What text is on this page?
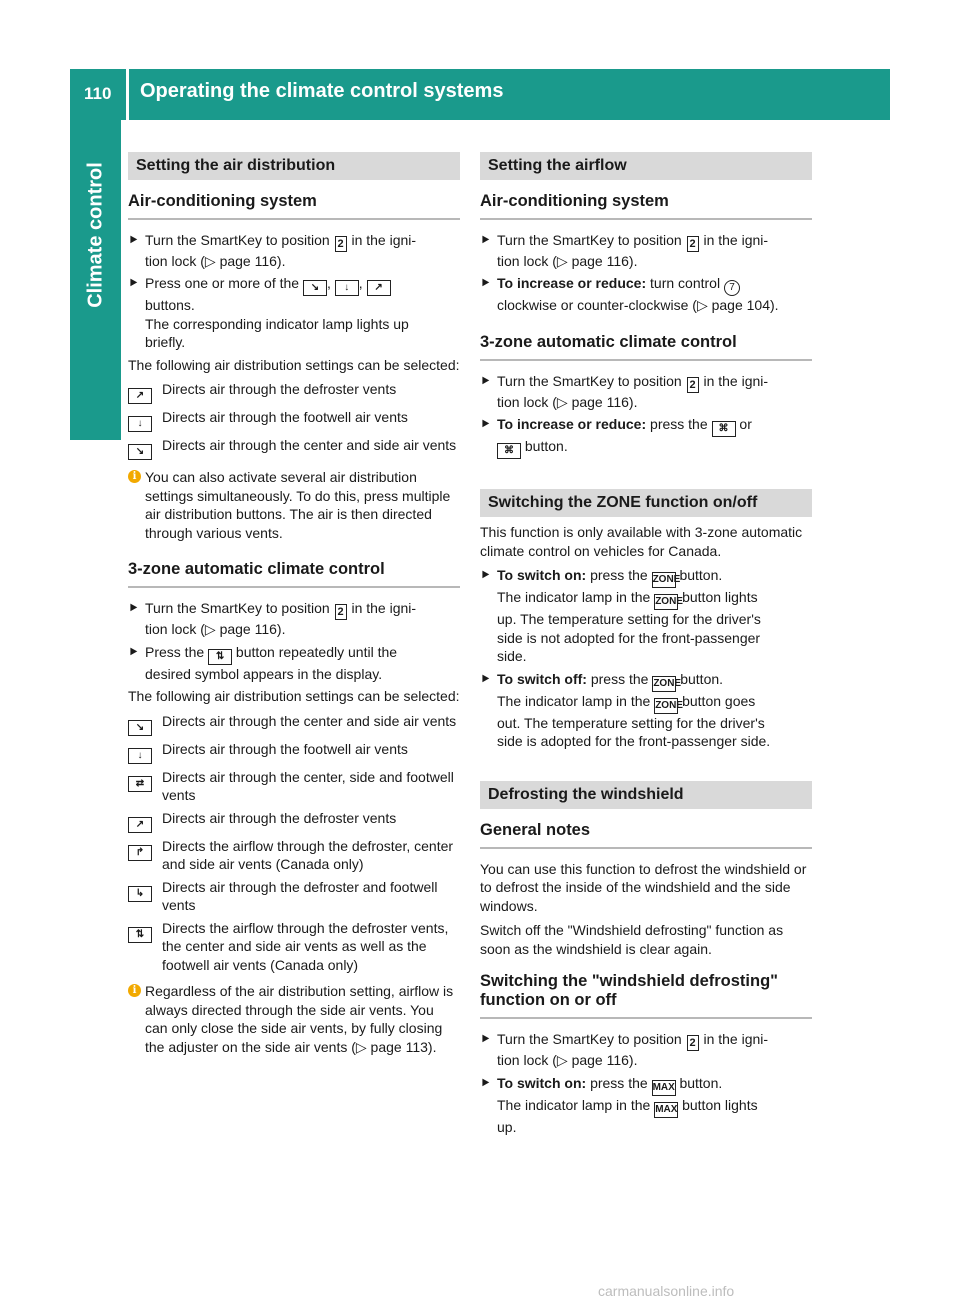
110 Operating the climate control systems
Climate control	Setting the air distribution
Air-conditioning system
▶ Turn the SmartKey to position 2 in the igni-
tion lock (▷ page 116).
▶ Press one or more of the ↘ , ↓ , ↗
buttons.
The corresponding indicator lamp lights up
briefly.
The following air distribution settings can be selected:
↗	Directs air through the defroster vents
↓	Directs air through the footwell air vents
↘	Directs air through the center and side air vents
i You can also activate several air distribution settings simultaneously. To do this, press multiple air distribution buttons. The air is then directed through various vents.
3-zone automatic climate control
▶ Turn the SmartKey to position 2 in the igni-
tion lock (▷ page 116).
▶ Press the ⇅ button repeatedly until the
desired symbol appears in the display.
The following air distribution settings can be selected:
↘	Directs air through the center and side air vents
↓	Directs air through the footwell air vents
⇄	Directs air through the center, side and footwell vents
↗	Directs air through the defroster vents
↱	Directs the airflow through the defroster, center and side air vents (Canada only)
↳	Directs air through the defroster and footwell vents
⇅	Directs the airflow through the defroster vents, the center and side air vents as well as the footwell air vents (Canada only)
i Regardless of the air distribution setting, airflow is always directed through the side air vents. You can only close the side air vents, by fully closing the adjuster on the side air vents (▷ page 113).
Setting the airflow
Air-conditioning system
▶ Turn the SmartKey to position 2 in the igni-
tion lock (▷ page 116).
▶ To increase or reduce: turn control 7
clockwise or counter-clockwise (▷ page 104).
3-zone automatic climate control
▶ Turn the SmartKey to position 2 in the igni-
tion lock (▷ page 116).
▶ To increase or reduce: press the ⌘ or
⌘ button.
Switching the ZONE function on/off
This function is only available with 3-zone automatic climate control on vehicles for Canada.
▶ To switch on: press the ZONE button.
The indicator lamp in the ZONE button lights
up. The temperature setting for the driver's
side is not adopted for the front-passenger
side.
▶ To switch off: press the ZONE button.
The indicator lamp in the ZONE button goes
out. The temperature setting for the driver's
side is adopted for the front-passenger side.
Defrosting the windshield
General notes
You can use this function to defrost the windshield or to defrost the inside of the windshield and the side windows.
Switch off the "Windshield defrosting" function as soon as the windshield is clear again.
Switching the "windshield defrosting" function on or off
▶ Turn the SmartKey to position 2 in the igni-
tion lock (▷ page 116).
▶ To switch on: press the MAX button.
The indicator lamp in the MAX button lights
up.
carmanualsonline.info
